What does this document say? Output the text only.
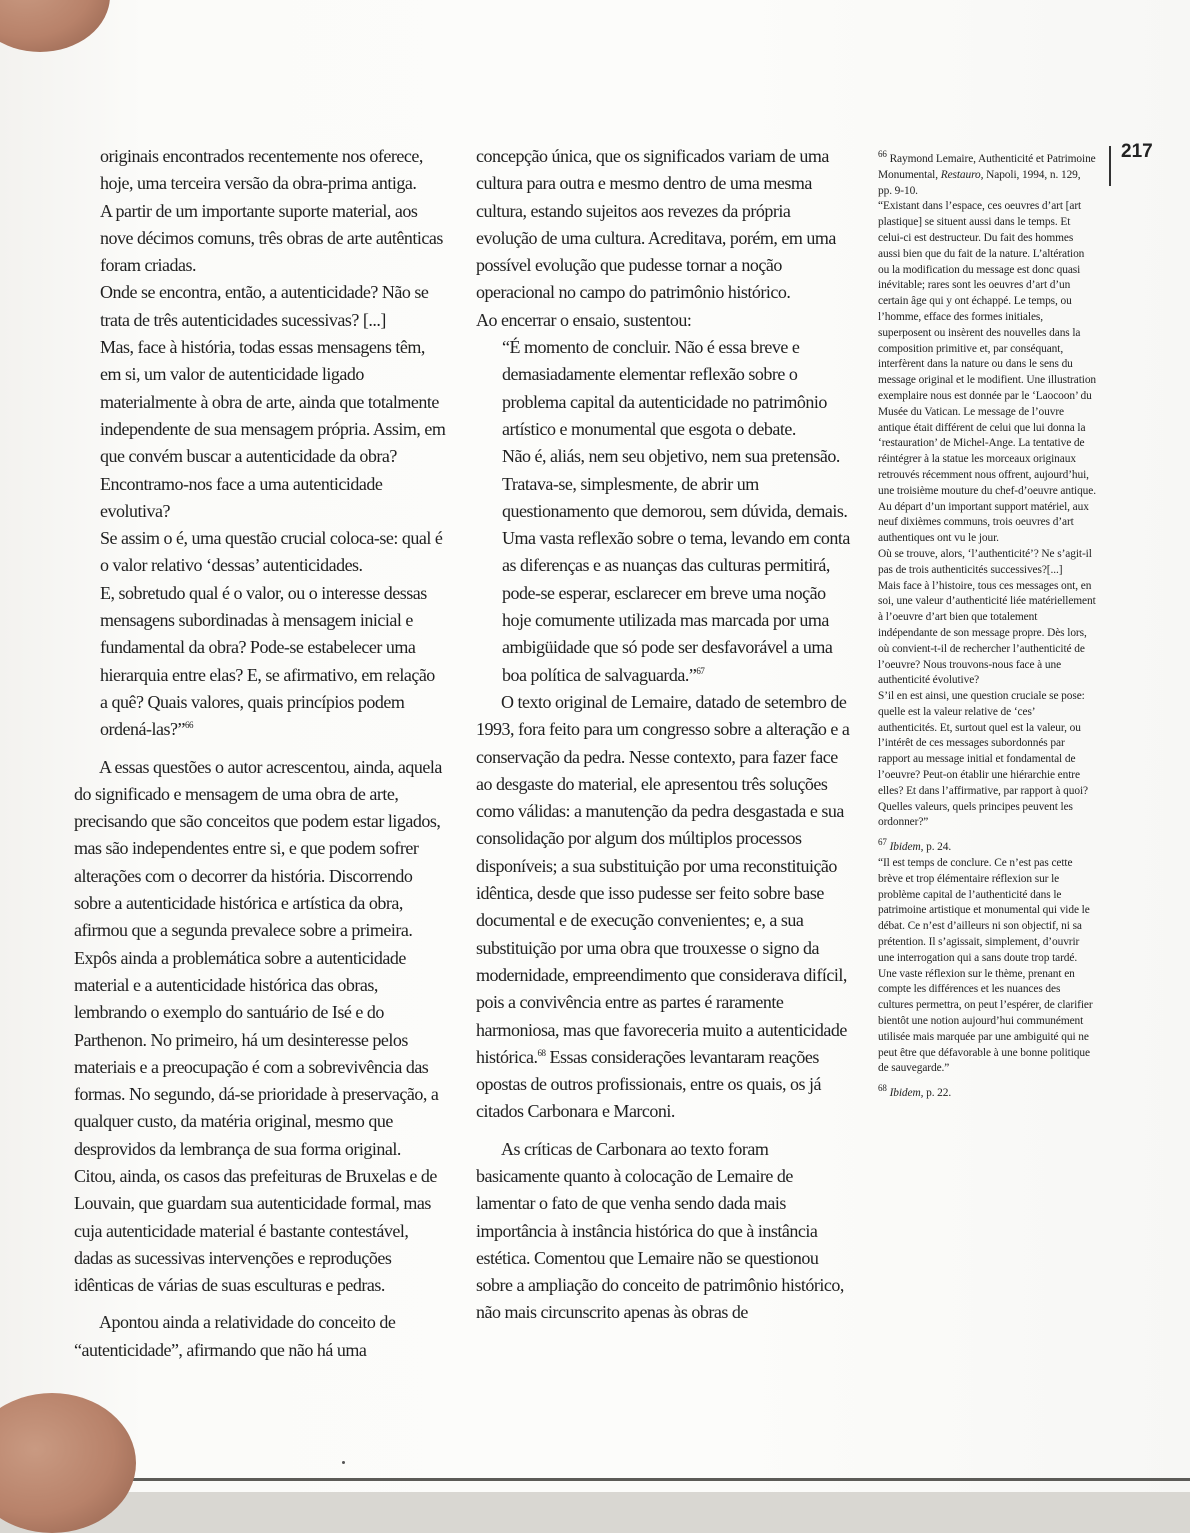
originais encontrados recentemente nos oferece, hoje, uma terceira versão da obra-prima antiga.

A partir de um importante suporte material, aos nove décimos comuns, três obras de arte autênticas foram criadas.

Onde se encontra, então, a autenticidade? Não se trata de três autenticidades sucessivas? [...]

Mas, face à história, todas essas mensagens têm, em si, um valor de autenticidade ligado materialmente à obra de arte, ainda que totalmente independente de sua mensagem própria. Assim, em que convém buscar a autenticidade da obra? Encontramo-nos face a uma autenticidade evolutiva?

Se assim o é, uma questão crucial coloca-se: qual é o valor relativo ‘dessas’ autenticidades.

E, sobretudo qual é o valor, ou o interesse dessas mensagens subordinadas à mensagem inicial e fundamental da obra? Pode-se estabelecer uma hierarquia entre elas? E, se afirmativo, em relação a quê? Quais valores, quais princípios podem ordená-las?”$^{66}$

A essas questões o autor acrescentou, ainda, aquela do significado e mensagem de uma obra de arte, precisando que são conceitos que podem estar ligados, mas são independentes entre si, e que podem sofrer alterações com o decorrer da história. Discorrendo sobre a autenticidade histórica e artística da obra, afirmou que a segunda prevalece sobre a primeira. Expôs ainda a problemática sobre a autenticidade material e a autenticidade histórica das obras, lembrando o exemplo do santuário de Isé e do Parthenon. No primeiro, há um desinteresse pelos materiais e a preocupação é com a sobrevivência das formas. No segundo, dá-se prioridade à preservação, a qualquer custo, da matéria original, mesmo que desprovidos da lembrança de sua forma original. Citou, ainda, os casos das prefeituras de Bruxelas e de Louvain, que guardam sua autenticidade formal, mas cuja autenticidade material é bastante contestável, dadas as sucessivas intervenções e reproduções idênticas de várias de suas esculturas e pedras.

Apontou ainda a relatividade do conceito de “autenticidade”, afirmando que não há uma

concepção única, que os significados variam de uma cultura para outra e mesmo dentro de uma mesma cultura, estando sujeitos aos revezes da própria evolução de uma cultura. Acreditava, porém, em uma possível evolução que pudesse tornar a noção operacional no campo do patrimônio histórico.

Ao encerrar o ensaio, sustentou:

“É momento de concluir. Não é essa breve e demasiadamente elementar reflexão sobre o problema capital da autenticidade no patrimônio artístico e monumental que esgota o debate.

Não é, aliás, nem seu objetivo, nem sua pretensão. Tratava-se, simplesmente, de abrir um questionamento que demorou, sem dúvida, demais. Uma vasta reflexão sobre o tema, levando em conta as diferenças e as nuanças das culturas permitirá, pode-se esperar, esclarecer em breve uma noção hoje comumente utilizada mas marcada por uma ambigüidade que só pode ser desfavorável a uma boa política de salvaguarda.”$^{67}$

O texto original de Lemaire, datado de setembro de 1993, fora feito para um congresso sobre a alteração e a conservação da pedra. Nesse contexto, para fazer face ao desgaste do material, ele apresentou três soluções como válidas: a manutenção da pedra desgastada e sua consolidação por algum dos múltiplos processos disponíveis; a sua substituição por uma reconstituição idêntica, desde que isso pudesse ser feito sobre base documental e de execução convenientes; e, a sua substituição por uma obra que trouxesse o signo da modernidade, empreendimento que considerava difícil, pois a convivência entre as partes é raramente harmoniosa, mas que favoreceria muito a autenticidade histórica.$^{68}$ Essas considerações levantaram reações opostas de outros profissionais, entre os quais, os já citados Carbonara e Marconi.

As críticas de Carbonara ao texto foram basicamente quanto à colocação de Lemaire de lamentar o fato de que venha sendo dada mais importância à instância histórica do que à instância estética. Comentou que Lemaire não se questionou sobre a ampliação do conceito de patrimônio histórico, não mais circunscrito apenas às obras de

$^{66}$ Raymond Lemaire, Authenticité et Patrimoine Monumental, Restauro, Napoli, 1994, n. 129, pp. 9-10.

“Existant dans l’espace, ces oeuvres d’art [art plastique] se situent aussi dans le temps. Et celui-ci est destructeur. Du fait des hommes aussi bien que du fait de la nature. L’altération ou la modification du message est donc quasi inévitable; rares sont les oeuvres d’art d’un certain âge qui y ont échappé. Le temps, ou l’homme, efface des formes initiales, superposent ou insèrent des nouvelles dans la composition primitive et, par conséquant, interfèrent dans la nature ou dans le sens du message original et le modifient. Une illustration exemplaire nous est donnée par le ‘Laocoon’ du Musée du Vatican. Le message de l’ouvre antique était différent de celui que lui donna la ‘restauration’ de Michel-Ange. La tentative de réintégrer à la statue les morceaux originaux retrouvés récemment nous offrent, aujourd’hui, une troisième mouture du chef-d’oeuvre antique. Au départ d’un important support matériel, aux neuf dixièmes communs, trois oeuvres d’art authentiques ont vu le jour.

Où se trouve, alors, ‘l’authenticité’? Ne s’agit-il pas de trois authenticités successives?[...]

Mais face à l’histoire, tous ces messages ont, en soi, une valeur d’authenticité liée matériellement à l’oeuvre d’art bien que totalement indépendante de son message propre. Dès lors, où convient-t-il de rechercher l’authenticité de l’oeuvre? Nous trouvons-nous face à une authenticité évolutive?

S’il en est ainsi, une question cruciale se pose: quelle est la valeur relative de ‘ces’ authenticités. Et, surtout quel est la valeur, ou l’intérêt de ces messages subordonnés par rapport au message initial et fondamental de l’oeuvre? Peut-on établir une hiérarchie entre elles? Et dans l’affirmative, par rapport à quoi? Quelles valeurs, quels principes peuvent les ordonner?”

$^{67}$ Ibidem, p. 24.

“Il est temps de conclure. Ce n’est pas cette brève et trop élémentaire réflexion sur le problème capital de l’authenticité dans le patrimoine artistique et monumental qui vide le débat. Ce n’est d’ailleurs ni son objectif, ni sa prétention. Il s’agissait, simplement, d’ouvrir une interrogation qui a sans doute trop tardé. Une vaste réflexion sur le thème, prenant en compte les différences et les nuances des cultures permettra, on peut l’espérer, de clarifier bientôt une notion aujourd’hui communément utilisée mais marquée par une ambiguité qui ne peut être que défavorable à une bonne politique de sauvegarde.”

$^{68}$ Ibidem, p. 22.

217
